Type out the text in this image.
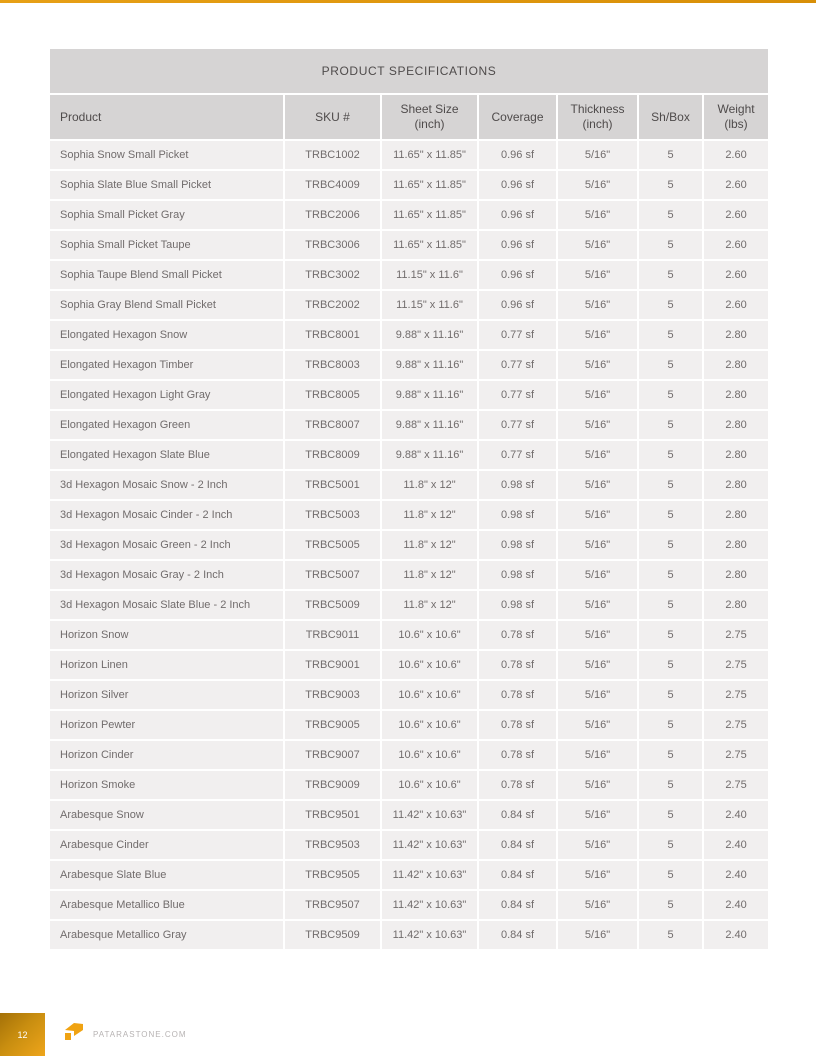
PRODUCT SPECIFICATIONS						
Product	SKU #	Sheet Size (inch)	Coverage	Thickness (inch)	Sh/Box	Weight (lbs)
Sophia Snow Small Picket	TRBC1002	11.65" x 11.85"	0.96 sf	5/16"	5	2.60
Sophia Slate Blue Small Picket	TRBC4009	11.65" x 11.85"	0.96 sf	5/16"	5	2.60
Sophia Small Picket Gray	TRBC2006	11.65" x 11.85"	0.96 sf	5/16"	5	2.60
Sophia Small Picket Taupe	TRBC3006	11.65" x 11.85"	0.96 sf	5/16"	5	2.60
Sophia Taupe Blend Small Picket	TRBC3002	11.15" x 11.6"	0.96 sf	5/16"	5	2.60
Sophia Gray Blend Small Picket	TRBC2002	11.15" x 11.6"	0.96 sf	5/16"	5	2.60
Elongated Hexagon Snow	TRBC8001	9.88" x 11.16"	0.77 sf	5/16"	5	2.80
Elongated Hexagon Timber	TRBC8003	9.88" x 11.16"	0.77 sf	5/16"	5	2.80
Elongated Hexagon Light Gray	TRBC8005	9.88" x 11.16"	0.77 sf	5/16"	5	2.80
Elongated Hexagon Green	TRBC8007	9.88" x 11.16"	0.77 sf	5/16"	5	2.80
Elongated Hexagon Slate Blue	TRBC8009	9.88" x 11.16"	0.77 sf	5/16"	5	2.80
3d Hexagon Mosaic Snow - 2 Inch	TRBC5001	11.8" x 12"	0.98 sf	5/16"	5	2.80
3d Hexagon Mosaic Cinder - 2 Inch	TRBC5003	11.8" x 12"	0.98 sf	5/16"	5	2.80
3d Hexagon Mosaic Green - 2 Inch	TRBC5005	11.8" x 12"	0.98 sf	5/16"	5	2.80
3d Hexagon Mosaic Gray - 2 Inch	TRBC5007	11.8" x 12"	0.98 sf	5/16"	5	2.80
3d Hexagon Mosaic Slate Blue - 2 Inch	TRBC5009	11.8" x 12"	0.98 sf	5/16"	5	2.80
Horizon Snow	TRBC9011	10.6" x 10.6"	0.78 sf	5/16"	5	2.75
Horizon Linen	TRBC9001	10.6" x 10.6"	0.78 sf	5/16"	5	2.75
Horizon Silver	TRBC9003	10.6" x 10.6"	0.78 sf	5/16"	5	2.75
Horizon Pewter	TRBC9005	10.6" x 10.6"	0.78 sf	5/16"	5	2.75
Horizon Cinder	TRBC9007	10.6" x 10.6"	0.78 sf	5/16"	5	2.75
Horizon Smoke	TRBC9009	10.6" x 10.6"	0.78 sf	5/16"	5	2.75
Arabesque Snow	TRBC9501	11.42" x 10.63"	0.84 sf	5/16"	5	2.40
Arabesque Cinder	TRBC9503	11.42" x 10.63"	0.84 sf	5/16"	5	2.40
Arabesque Slate Blue	TRBC9505	11.42" x 10.63"	0.84 sf	5/16"	5	2.40
Arabesque Metallico Blue	TRBC9507	11.42" x 10.63"	0.84 sf	5/16"	5	2.40
Arabesque Metallico Gray	TRBC9509	11.42" x 10.63"	0.84 sf	5/16"	5	2.40
12	PATARASTONE.COM
